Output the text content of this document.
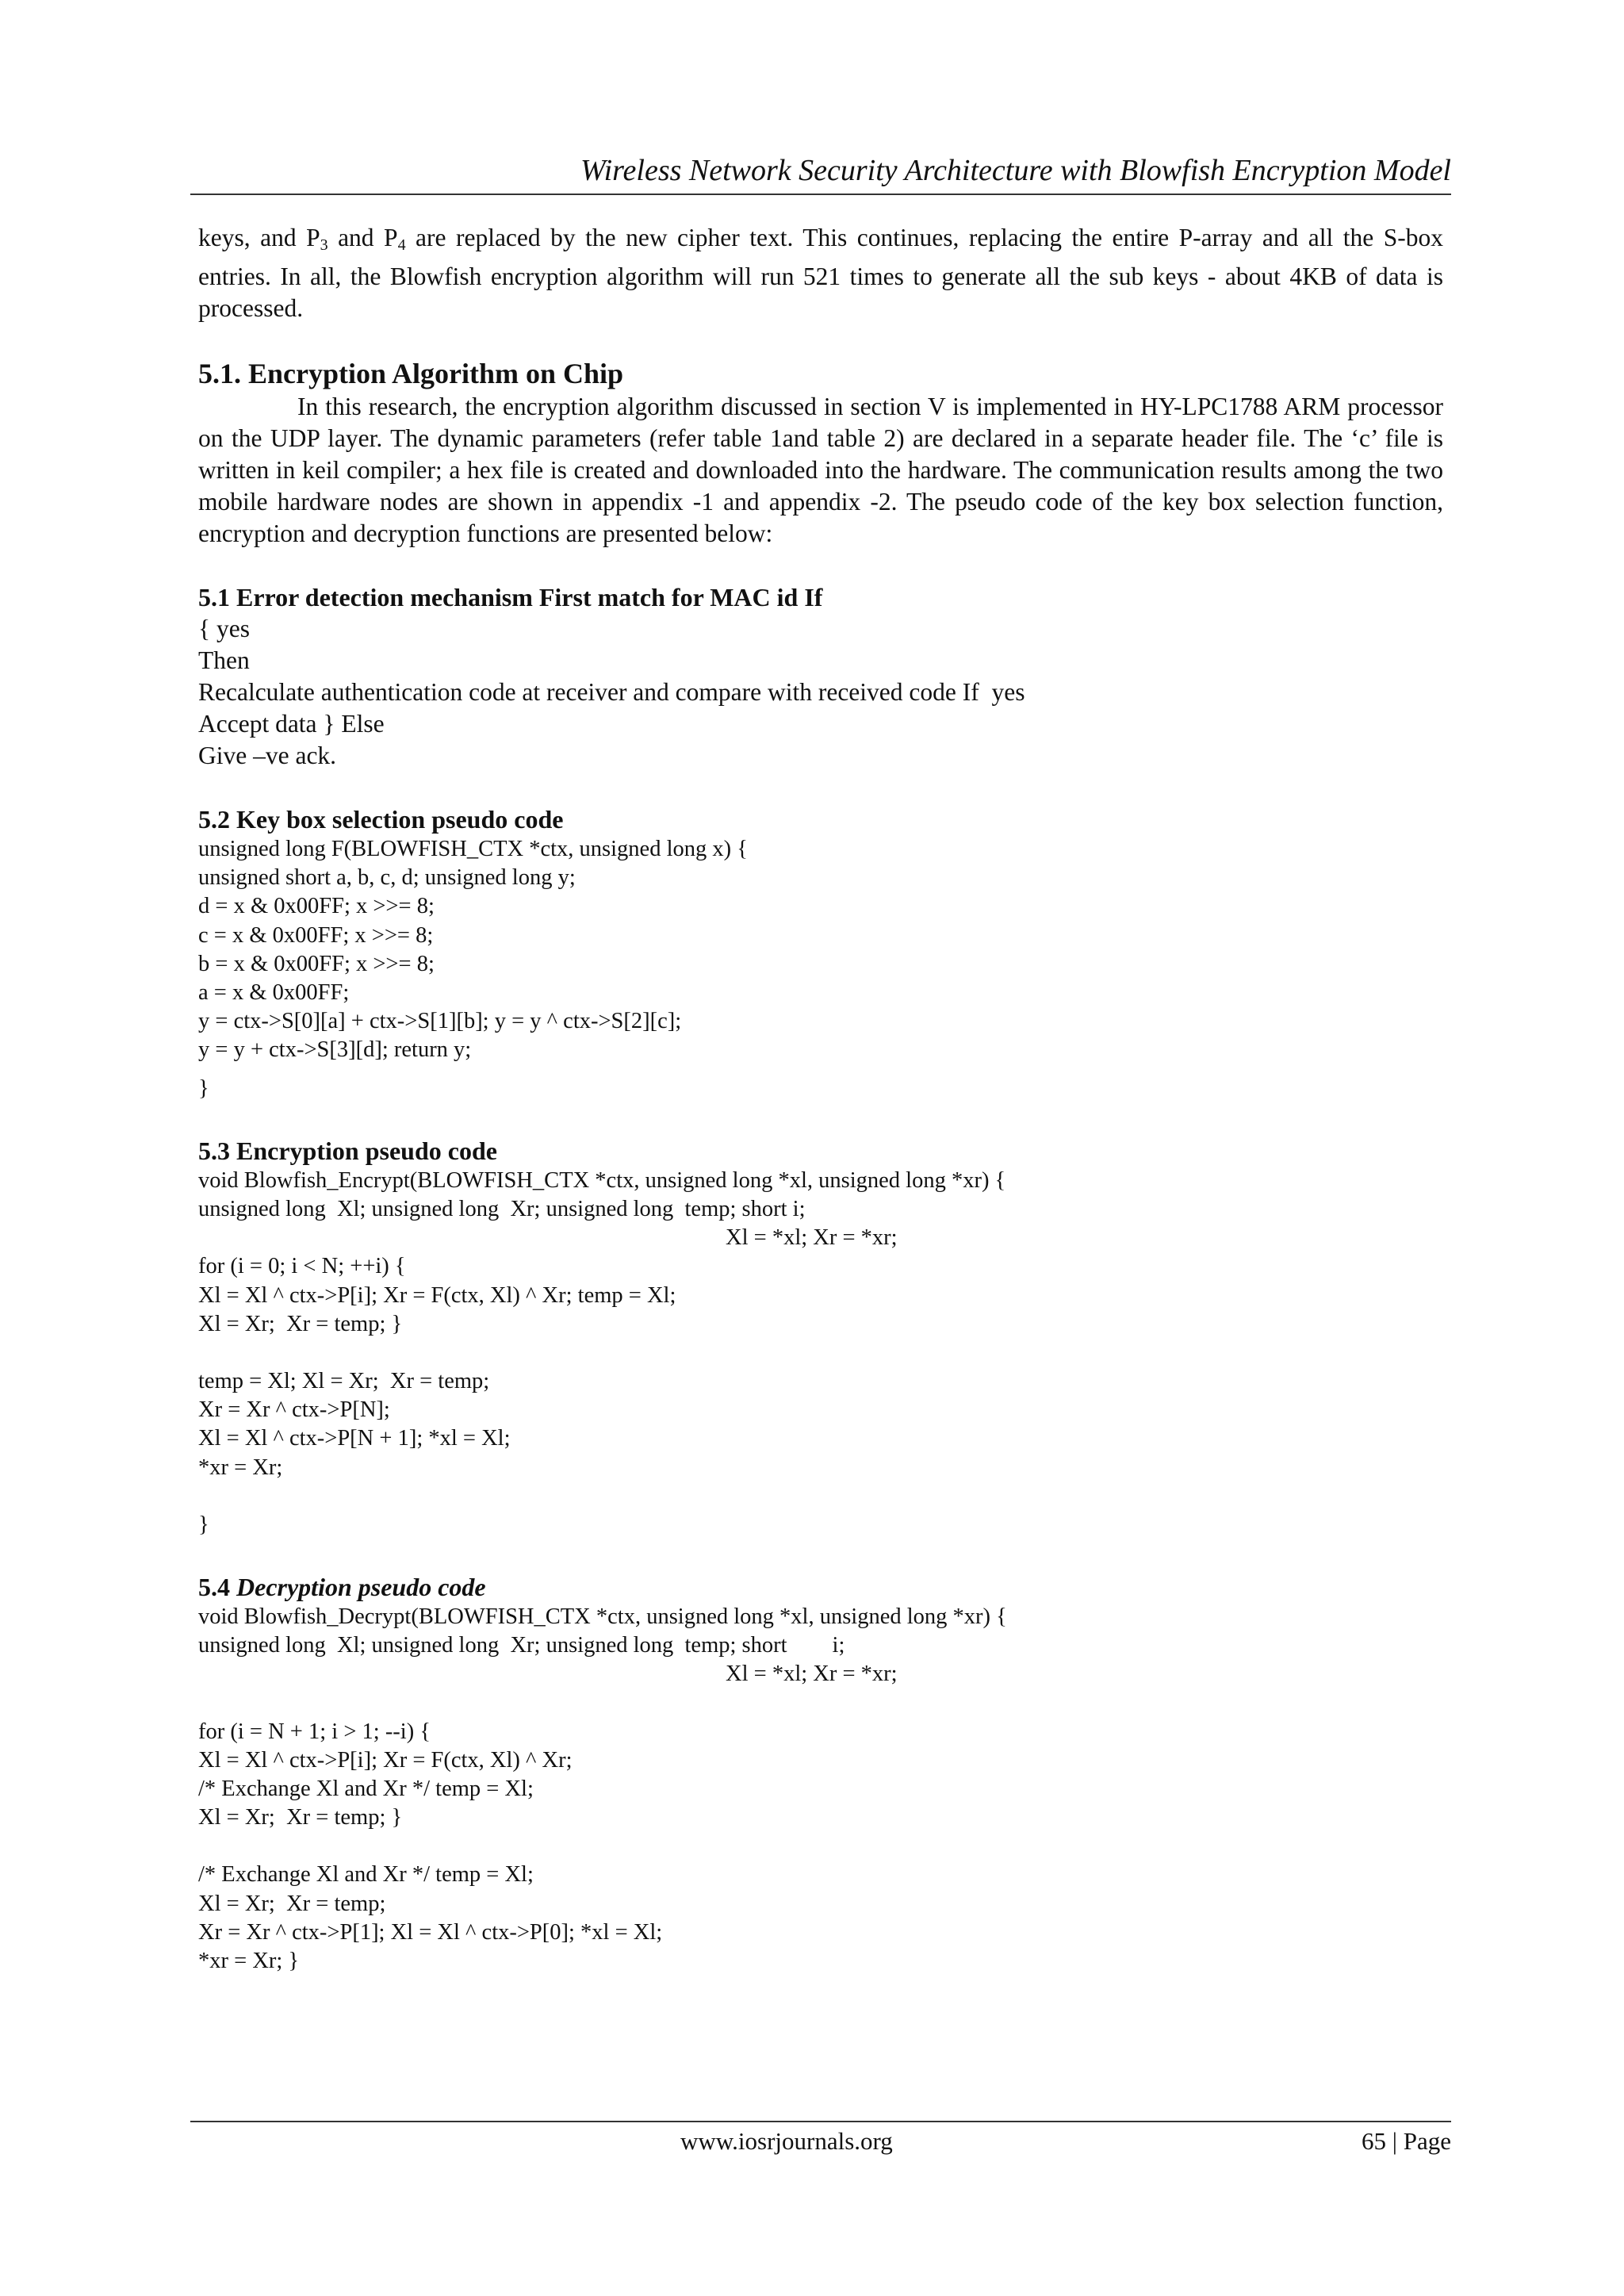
Wireless Network Security Architecture with Blowfish Encryption Model

keys, and $P_3$ and $P_4$ are replaced by the new cipher text. This continues, replacing the entire P-array and all the S-box entries. In all, the Blowfish encryption algorithm will run 521 times to generate all the sub keys - about 4KB of data is processed.

5.1. Encryption Algorithm on Chip

In this research, the encryption algorithm discussed in section V is implemented in HY-LPC1788 ARM processor on the UDP layer. The dynamic parameters (refer table 1and table 2) are declared in a separate header file. The ‘c’ file is written in keil compiler; a hex file is created and downloaded into the hardware. The communication results among the two mobile hardware nodes are shown in appendix -1 and appendix -2. The pseudo code of the key box selection function, encryption and decryption functions are presented below:

5.1 Error detection mechanism First match for MAC id If

{ yes

Then

Recalculate authentication code at receiver and compare with received code If  yes

Accept data } Else

Give –ve ack.

5.2 Key box selection pseudo code

unsigned long F(BLOWFISH_CTX *ctx, unsigned long x) {

unsigned short a, b, c, d; unsigned long y;

d = x & 0x00FF; x >>= 8;

c = x & 0x00FF; x >>= 8;

b = x & 0x00FF; x >>= 8;

a = x & 0x00FF;

y = ctx->S[0][a] + ctx->S[1][b]; y = y ^ ctx->S[2][c];

y = y + ctx->S[3][d]; return y;

}

5.3 Encryption pseudo code

void Blowfish_Encrypt(BLOWFISH_CTX *ctx, unsigned long *xl, unsigned long *xr) {

unsigned long  Xl; unsigned long  Xr; unsigned long  temp; short i;

Xl = *xl; Xr = *xr;

for (i = 0; i < N; ++i) {

Xl = Xl ^ ctx->P[i]; Xr = F(ctx, Xl) ^ Xr; temp = Xl;

Xl = Xr;  Xr = temp; }

temp = Xl; Xl = Xr;  Xr = temp;

Xr = Xr ^ ctx->P[N];

Xl = Xl ^ ctx->P[N + 1]; *xl = Xl;

*xr = Xr;

}

5.4 Decryption pseudo code

void Blowfish_Decrypt(BLOWFISH_CTX *ctx, unsigned long *xl, unsigned long *xr) {

unsigned long  Xl; unsigned long  Xr; unsigned long  temp; short        i;

Xl = *xl; Xr = *xr;

for (i = N + 1; i > 1; --i) {

Xl = Xl ^ ctx->P[i]; Xr = F(ctx, Xl) ^ Xr;

/* Exchange Xl and Xr */ temp = Xl;

Xl = Xr;  Xr = temp; }

/* Exchange Xl and Xr */ temp = Xl;

Xl = Xr;  Xr = temp;

Xr = Xr ^ ctx->P[1]; Xl = Xl ^ ctx->P[0]; *xl = Xl;

*xr = Xr; }

www.iosrjournals.org	65 | Page
